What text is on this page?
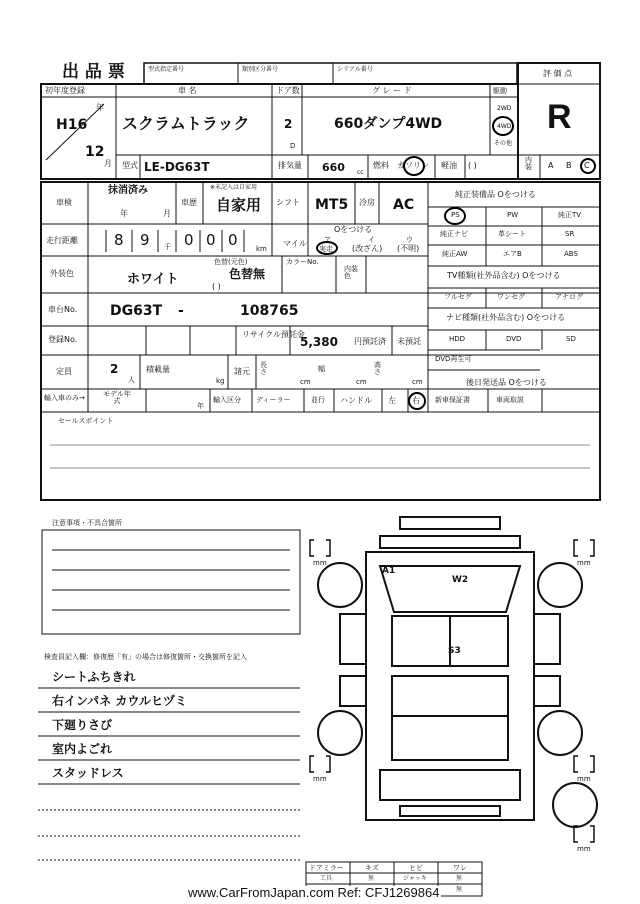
出 品 票	型式指定番号	類別区分番号	シリアル番号	評 価 点
初年度登録
H16
年
12
月
車 名
スクラムトラック
ドア数
2
D
グ レ ー ド
660ダンプ4WD
駆動
2WD
4WD
その他
型式 LE-DG63T	排気量 660 cc
燃料 ガソリン 軽油 ( )
R
内装	A B C
車検
抹消済み
年	月
車歴
※未記入は自家用
自家用 シフト MT5 冷房 AC
走行距離 8 9 千 0 0 0	km
マイル
Oをつける
ア	イ	ウ
実走 (改ざん) (不明)
外装色	ホワイト
色替(元色)
色替無
( )
カラーNo.
内装色
車台No. DG63T -	108765
登録No.
リサイクル預託金
5,380 円預託済 未預託
定員	2
人
積載量
kg
諸元
長さ
cm
幅
cm
高さ
cm
輸入車のみ→	モデル年式
年
輸入区分 ディーラー	並行 ハンドル 左 右
純正装備品 Oをつける
PS	PW	純正TV
純正ナビ	革シート	SR
純正AW	エアB	ABS
TV種類(社外品含む) Oをつける
フルセグ	ワンセグ	アナログ
ナビ種類(社外品含む) Oをつける
HDD	DVD	SD
DVD再生可
後日発送品 Oをつける
新車保証書	車両取説
セールスポイント
注意事項・不具合箇所
検査員記入欄：修復歴「有」の場合は修復箇所・交換箇所を記入
シートふちきれ
右インパネ カウルヒヅミ
下廻りさび
室内よごれ
スタッドレス
A1
W2
S3
mm	mm
mm	mm
mm
ドアミラー	キズ	ヒビ	ワレ
工具	無	ジャッキ	無
無
www.CarFromJapan.com Ref: CFJ1269864
